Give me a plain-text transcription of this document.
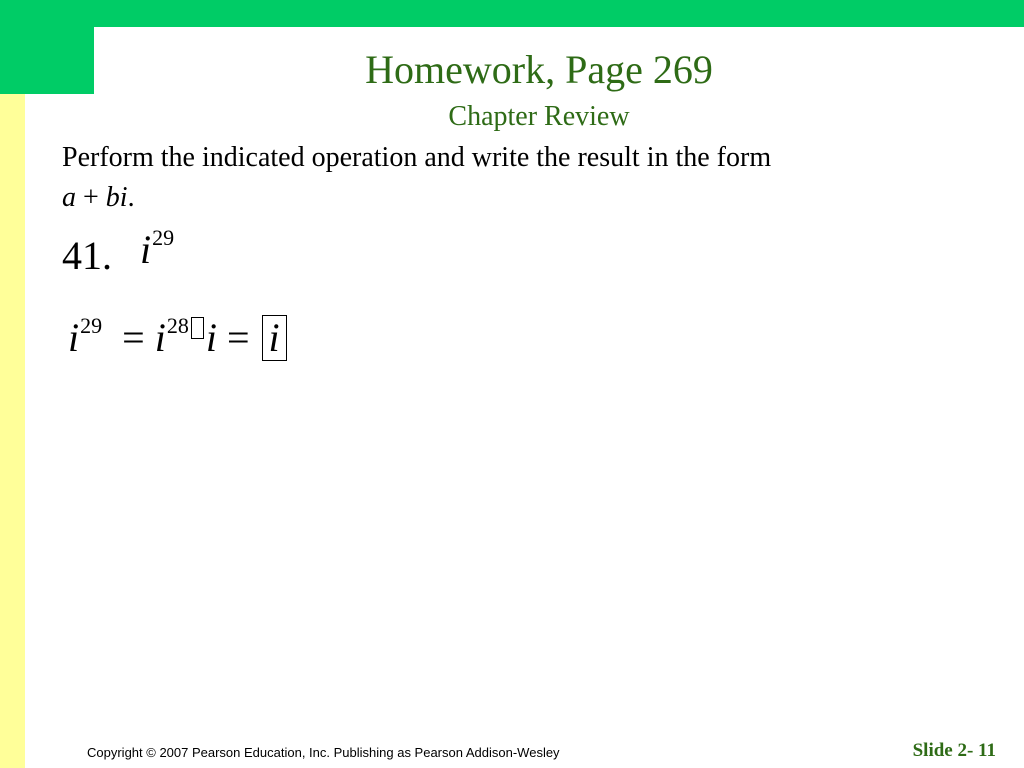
Homework, Page 269
Chapter Review
Perform the indicated operation and write the result in the form
a + bi.
41. $i^{29}$
$i^{29} = i^{28}$ i = i
Copyright © 2007 Pearson Education, Inc. Publishing as Pearson Addison-Wesley	Slide 2- 11
